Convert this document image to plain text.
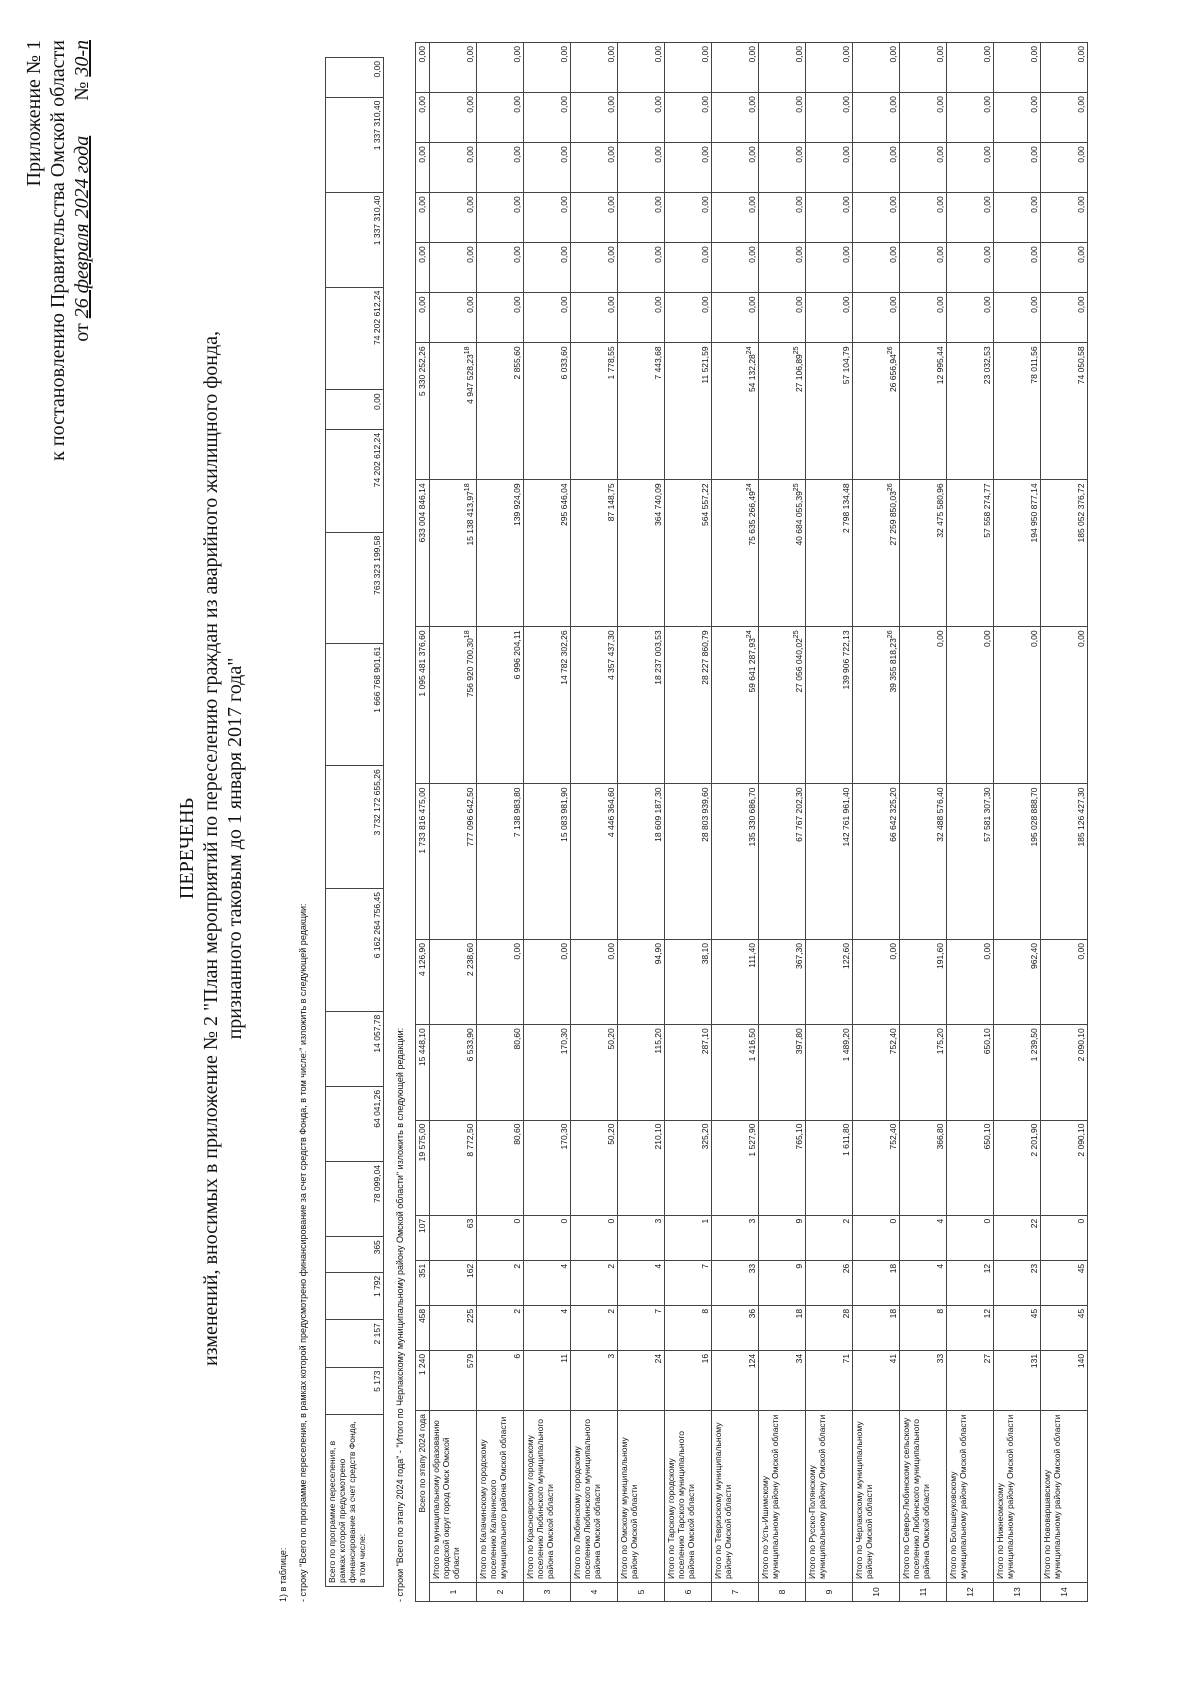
Приложение № 1 к постановлению Правительства Омской области от 26 февраля 2024 года       № 30-п
ПЕРЕЧЕНЬ изменений, вносимых в приложение № 2 "План мероприятий по переселению граждан из аварийного жилищного фонда, признанного таковым до 1 января 2017 года"
1) в таблице: - строку "Всего по программе переселения, в рамках которой предусмотрено финансирование за счет средств Фонда, в том числе:" изложить в следующей редакции: Всего по программе переселения, в рамках которой предусмотрено финансирование за счет средств Фонда, в том числе:	5 173	2 157	1 792	365	78 099,04	64 041,26	14 057,78	6 162 264 756,45	3 732 172 655,26	1 666 768 901,61	763 323 199,58	74 202 612,24	0,00	74 202 612,24	1 337 310,40	1 337 310,40	0,00
- строки "Всего по этапу 2024 года" - "Итого по Черлакскому муниципальному району Омской области" изложить в следующей редакции: Всего по этапу 2024 года		1 240	458	351	107	19 575,00	15 448,10	4 126,90	1 733 816 475,00	1 095 481 376,60	633 004 846,14	5 330 252,26	0,00	0,00	0,00	0,00	0,00	0,00
1	Итого по муниципальному образованию городской округ город Омск Омской области	579	225	162	63	8 772,50	6 533,90	2 238,60	777 096 642,50	756 920 700,30$^{18}$	15 138 413,97$^{18}$	4 947 528,23$^{18}$	0,00	0,00	0,00	0,00	0,00	0,00
2	Итого по Калачинскому городскому поселению Калачинского муниципального района Омской области	6	2	2	0	80,60	80,60	0,00	7 138 983,80	6 996 204,11	139 924,09	2 855,60	0,00	0,00	0,00	0,00	0,00	0,00
3	Итого по Красноярскому городскому поселению Любинского муниципального района Омской области	11	4	4	0	170,30	170,30	0,00	15 083 981,90	14 782 302,26	295 646,04	6 033,60	0,00	0,00	0,00	0,00	0,00	0,00
4	Итого по Любинскому городскому поселению Любинского муниципального района Омской области	3	2	2	0	50,20	50,20	0,00	4 446 364,60	4 357 437,30	87 148,75	1 778,55	0,00	0,00	0,00	0,00	0,00	0,00
5	Итого по Омскому муниципальному району Омской области	24	7	4	3	210,10	115,20	94,90	18 609 187,30	18 237 003,53	364 740,09	7 443,68	0,00	0,00	0,00	0,00	0,00	0,00
6	Итого по Тарскому городскому поселению Тарского муниципального района Омской области	16	8	7	1	325,20	287,10	38,10	28 803 939,60	28 227 860,79	564 557,22	11 521,59	0,00	0,00	0,00	0,00	0,00	0,00
7	Итого по Тевризскому муниципальному району Омской области	124	36	33	3	1 527,90	1 416,50	111,40	135 330 686,70	59 641 287,93$^{24}$	75 635 266,49$^{24}$	54 132,28$^{24}$	0,00	0,00	0,00	0,00	0,00	0,00
8	Итого по Усть-Ишимскому муниципальному району Омской области	34	18	9	9	765,10	397,80	367,30	67 767 202,30	27 056 040,02$^{25}$	40 684 055,39$^{25}$	27 106,89$^{25}$	0,00	0,00	0,00	0,00	0,00	0,00
9	Итого по Русско-Полянскому муниципальному району Омской области	71	28	26	2	1 611,80	1 489,20	122,60	142 761 961,40	139 906 722,13	2 798 134,48	57 104,79	0,00	0,00	0,00	0,00	0,00	0,00
10	Итого по Черлакскому муниципальному району Омской области	41	18	18	0	752,40	752,40	0,00	66 642 325,20	39 355 818,23$^{26}$	27 259 850,03$^{26}$	26 656,94$^{26}$	0,00	0,00	0,00	0,00	0,00	0,00
11	Итого по Северо-Любинскому сельскому поселению Любинского муниципального района Омской области	33	8	4	4	366,80	175,20	191,60	32 488 576,40	0,00	32 475 580,96	12 995,44	0,00	0,00	0,00	0,00	0,00	0,00
12	Итого по Большеуковскому муниципальному району Омской области	27	12	12	0	650,10	650,10	0,00	57 581 307,30	0,00	57 558 274,77	23 032,53	0,00	0,00	0,00	0,00	0,00	0,00
13	Итого по Нижнеомскому муниципальному району Омской области	131	45	23	22	2 201,90	1 239,50	962,40	195 028 888,70	0,00	194 950 877,14	78 011,56	0,00	0,00	0,00	0,00	0,00	0,00
14	Итого по Нововаршавскому муниципальному району Омской области	140	45	45	0	2 090,10	2 090,10	0,00	185 126 427,30	0,00	185 052 376,72	74 050,58	0,00	0,00	0,00	0,00	0,00	0,00
